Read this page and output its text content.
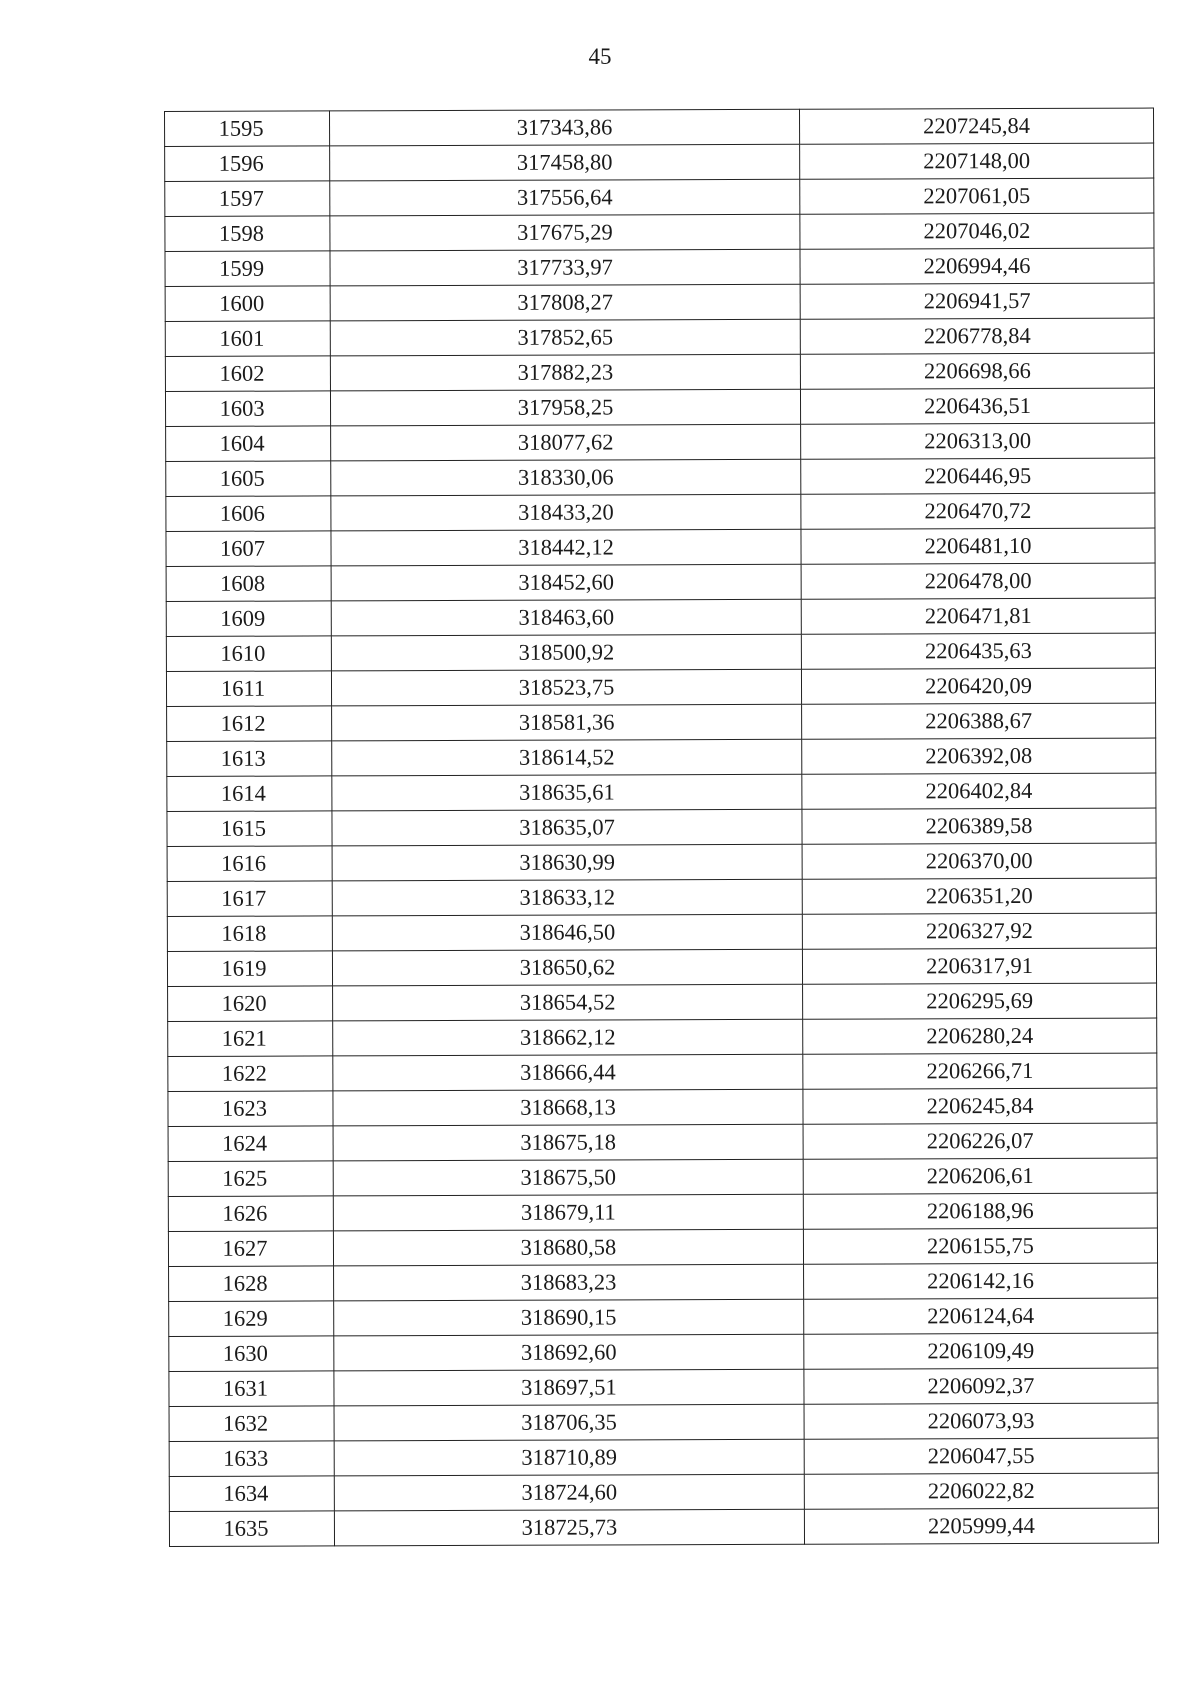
45
1595	317343,86	2207245,84
1596	317458,80	2207148,00
1597	317556,64	2207061,05
1598	317675,29	2207046,02
1599	317733,97	2206994,46
1600	317808,27	2206941,57
1601	317852,65	2206778,84
1602	317882,23	2206698,66
1603	317958,25	2206436,51
1604	318077,62	2206313,00
1605	318330,06	2206446,95
1606	318433,20	2206470,72
1607	318442,12	2206481,10
1608	318452,60	2206478,00
1609	318463,60	2206471,81
1610	318500,92	2206435,63
1611	318523,75	2206420,09
1612	318581,36	2206388,67
1613	318614,52	2206392,08
1614	318635,61	2206402,84
1615	318635,07	2206389,58
1616	318630,99	2206370,00
1617	318633,12	2206351,20
1618	318646,50	2206327,92
1619	318650,62	2206317,91
1620	318654,52	2206295,69
1621	318662,12	2206280,24
1622	318666,44	2206266,71
1623	318668,13	2206245,84
1624	318675,18	2206226,07
1625	318675,50	2206206,61
1626	318679,11	2206188,96
1627	318680,58	2206155,75
1628	318683,23	2206142,16
1629	318690,15	2206124,64
1630	318692,60	2206109,49
1631	318697,51	2206092,37
1632	318706,35	2206073,93
1633	318710,89	2206047,55
1634	318724,60	2206022,82
1635	318725,73	2205999,44
